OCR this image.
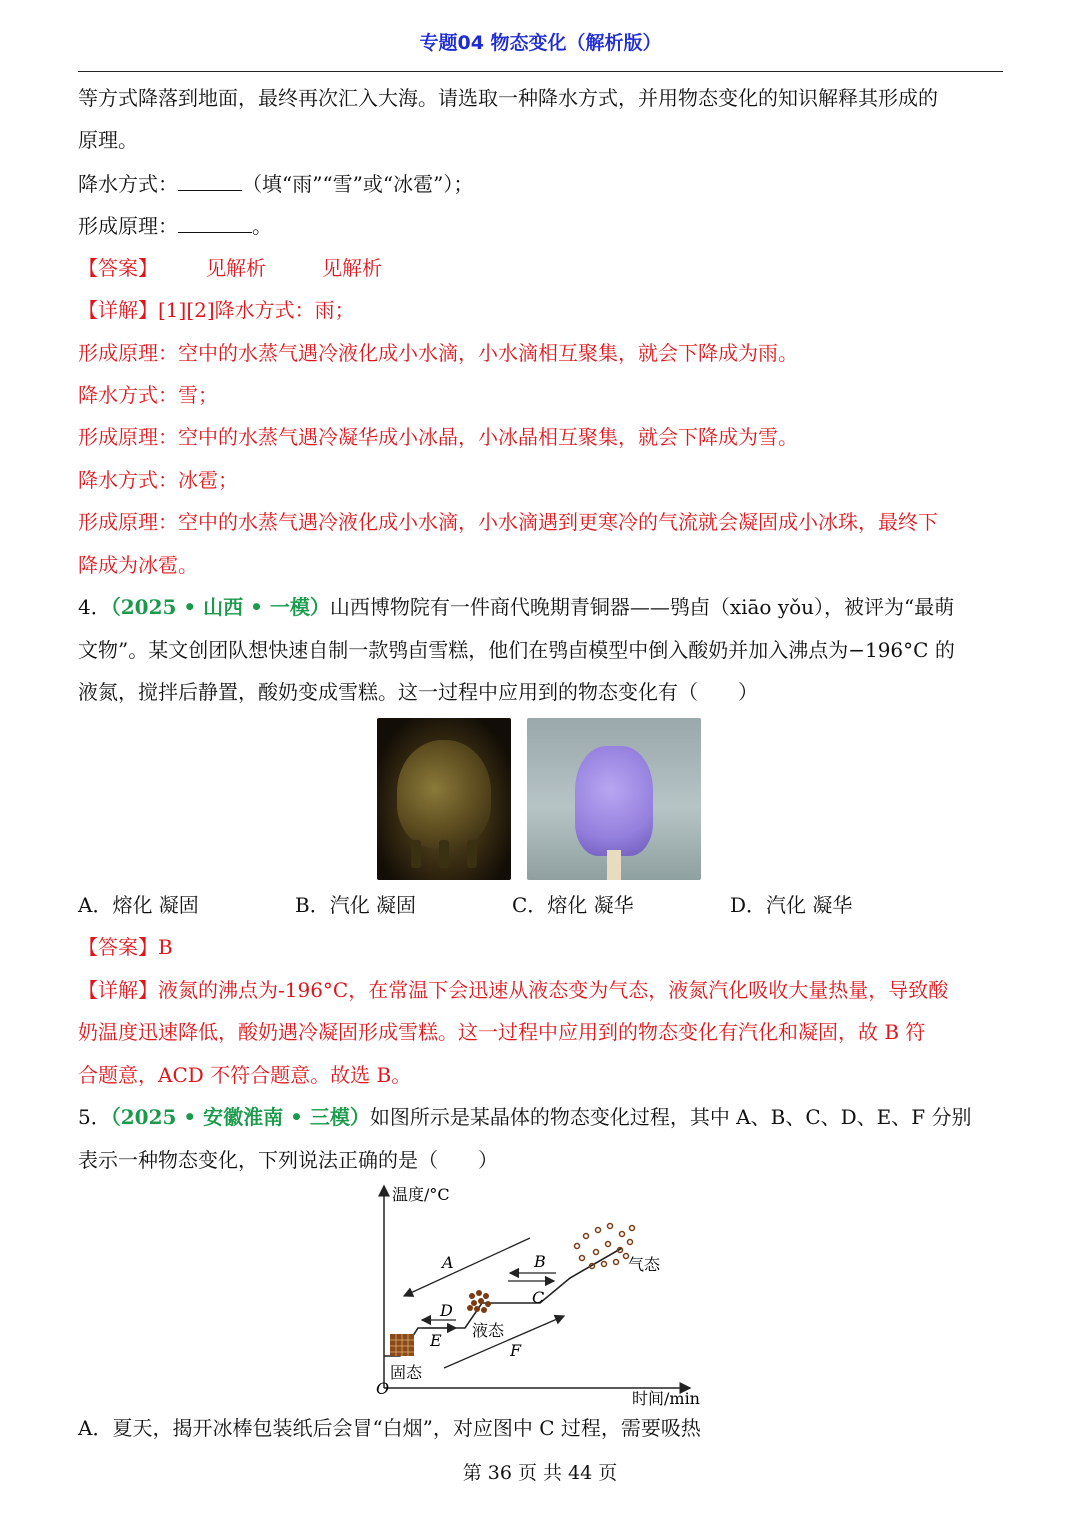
专题04 物态变化（解析版）
等方式降落到地面，最终再次汇入大海。请选取一种降水方式，并用物态变化的知识解释其形成的
原理。
降水方式：	（填“雨”“雪”或“冰雹”）；
形成原理：	。
【答案】 见解析	见解析
【详解】[1][2]降水方式：雨；
形成原理：空中的水蒸气遇冷液化成小水滴，小水滴相互聚集，就会下降成为雨。
降水方式：雪；
形成原理：空中的水蒸气遇冷凝华成小冰晶，小冰晶相互聚集，就会下降成为雪。
降水方式：冰雹；
形成原理：空中的水蒸气遇冷液化成小水滴，小水滴遇到更寒冷的气流就会凝固成小冰珠，最终下
降成为冰雹。
4．（2025 • 山西 • 一模）山西博物院有一件商代晚期青铜器——鸮卣（xiāo yǒu），被评为“最萌
文物”。某文创团队想快速自制一款鸮卣雪糕，他们在鸮卣模型中倒入酸奶并加入沸点为−196°C 的
液氮，搅拌后静置，酸奶变成雪糕。这一过程中应用到的物态变化有（　　）
A．熔化 凝固	B．汽化 凝固	C．熔化 凝华	D．汽化 凝华
【答案】B
【详解】液氮的沸点为-196°C，在常温下会迅速从液态变为气态，液氮汽化吸收大量热量，导致酸
奶温度迅速降低，酸奶遇冷凝固形成雪糕。这一过程中应用到的物态变化有汽化和凝固，故 B 符
合题意，ACD 不符合题意。故选 B。
5．（2025 • 安徽淮南 • 三模）如图所示是某晶体的物态变化过程，其中 A、B、C、D、E、F 分别
表示一种物态变化，下列说法正确的是（　　）
温度/°C
时间/min
O
固态
液态
气态
A	B
C
D
E
F
A．夏天，揭开冰棒包装纸后会冒“白烟”，对应图中 C 过程，需要吸热
第 36 页 共 44 页
